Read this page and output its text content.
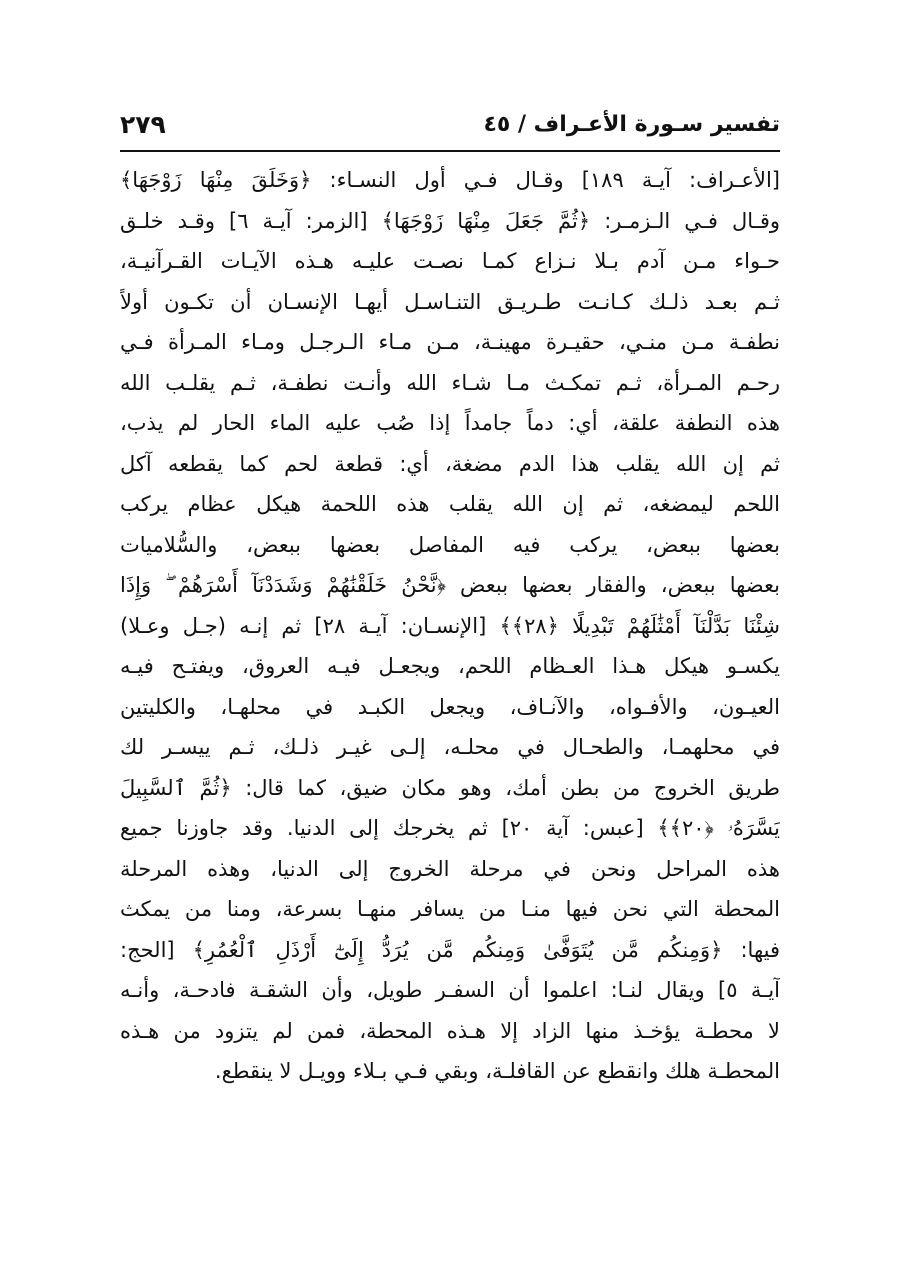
تفسير سـورة الأعـراف / ٤٥
٢٧٩
[الأعـراف: آيـة ١٨٩] وقـال فـي أول النسـاء: ﴿وَخَلَقَ مِنْهَا زَوْجَهَا﴾
وقـال فـي الـزمـر: ﴿ثُمَّ جَعَلَ مِنْهَا زَوْجَهَا﴾ [الزمر: آيـة ٦] وقـد خلـق
حـواء مـن آدم بـلا نـزاع كمـا نصـت عليـه هـذه الآيـات القـرآنيـة،
ثـم بعـد ذلـك كـانـت طـريـق التنـاسـل أيهـا الإنسـان أن تكـون أولاً
نطفـة مـن منـي، حقيـرة مهينـة، مـن مـاء الـرجـل ومـاء المـرأة فـي
رحـم المـرأة، ثـم تمكـث مـا شـاء الله وأنـت نطفـة، ثـم يقلـب الله
هذه النطفة علقة، أي: دماً جامداً إذا صُب عليه الماء الحار لم يذب،
ثم إن الله يقلب هذا الدم مضغة، أي: قطعة لحم كما يقطعه آكل
اللحم ليمضغه، ثم إن الله يقلب هذه اللحمة هيكل عظام يركب
بعضها ببعض، يركب فيه المفاصل بعضها ببعض، والسُّلاميات
بعضها ببعض، والفقار بعضها ببعض ﴿نَّحْنُ خَلَقْنَٰهُمْ وَشَدَدْنَآ أَسْرَهُمْ ۖ وَإِذَا
شِئْنَا بَدَّلْنَآ أَمْثَٰلَهُمْ تَبْدِيلًا ﴿٢٨﴾﴾ [الإنسـان: آيـة ٢٨] ثم إنـه (جـل وعـلا)
يكسـو هيكل هـذا العـظام اللحم، ويجعـل فيـه العروق، ويفتـح فيـه
العيـون، والأفـواه، والآنـاف، ويجعل الكبـد في محلهـا، والكليتين
في محلهمـا، والطحـال في محلـه، إلـى غيـر ذلـك، ثـم ييسـر لك
طريق الخروج من بطن أمك، وهو مكان ضيق، كما قال: ﴿ثُمَّ ٱلسَّبِيلَ
يَسَّرَهُۥ ﴿٢٠﴾﴾ [عبس: آية ٢٠] ثم يخرجك إلى الدنيا. وقد جاوزنا جميع
هذه المراحل ونحن في مرحلة الخروج إلى الدنيا، وهذه المرحلة
المحطة التي نحن فيها منـا من يسافر منهـا بسرعة، ومنا من يمكث
فيها: ﴿وَمِنكُم مَّن يُتَوَفَّىٰ وَمِنكُم مَّن يُرَدُّ إِلَىٰٓ أَرْذَلِ ٱلْعُمُرِ﴾ [الحج:
آيـة ٥] ويقال لنـا: اعلموا أن السفـر طويل، وأن الشقـة فادحـة، وأنـه
لا محطـة يؤخـذ منها الزاد إلا هـذه المحطة، فمن لم يتزود من هـذه
المحطـة هلك وانقطع عن القافلـة، وبقي فـي بـلاء وويـل لا ينقطع.
